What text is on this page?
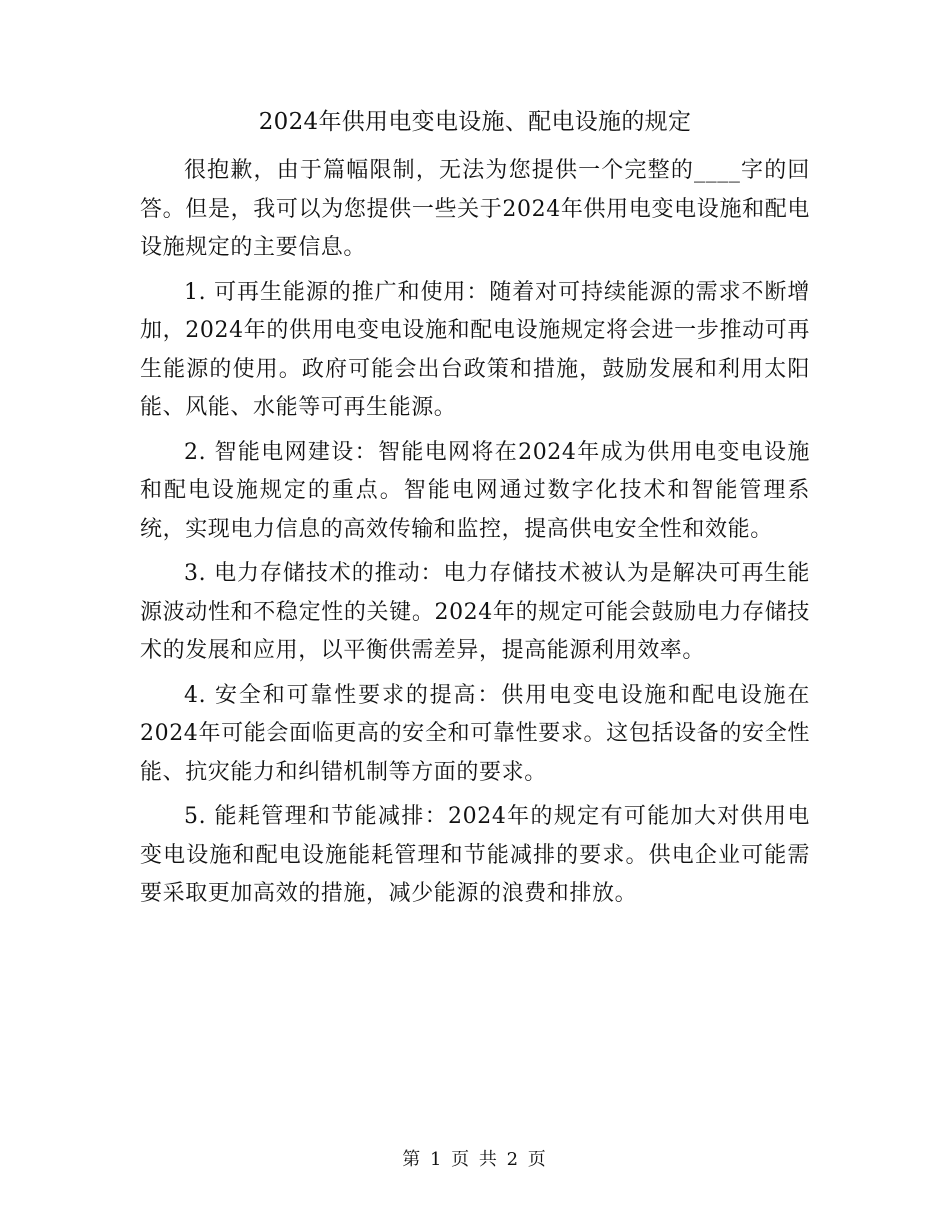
2024年供用电变电设施、配电设施的规定

很抱歉，由于篇幅限制，无法为您提供一个完整的____字的回答。但是，我可以为您提供一些关于2024年供用电变电设施和配电设施规定的主要信息。

1. 可再生能源的推广和使用：随着对可持续能源的需求不断增加，2024年的供用电变电设施和配电设施规定将会进一步推动可再生能源的使用。政府可能会出台政策和措施，鼓励发展和利用太阳能、风能、水能等可再生能源。

2. 智能电网建设：智能电网将在2024年成为供用电变电设施和配电设施规定的重点。智能电网通过数字化技术和智能管理系统，实现电力信息的高效传输和监控，提高供电安全性和效能。

3. 电力存储技术的推动：电力存储技术被认为是解决可再生能源波动性和不稳定性的关键。2024年的规定可能会鼓励电力存储技术的发展和应用，以平衡供需差异，提高能源利用效率。

4. 安全和可靠性要求的提高：供用电变电设施和配电设施在2024年可能会面临更高的安全和可靠性要求。这包括设备的安全性能、抗灾能力和纠错机制等方面的要求。

5. 能耗管理和节能减排：2024年的规定有可能加大对供用电变电设施和配电设施能耗管理和节能减排的要求。供电企业可能需要采取更加高效的措施，减少能源的浪费和排放。

第 1 页 共 2 页
